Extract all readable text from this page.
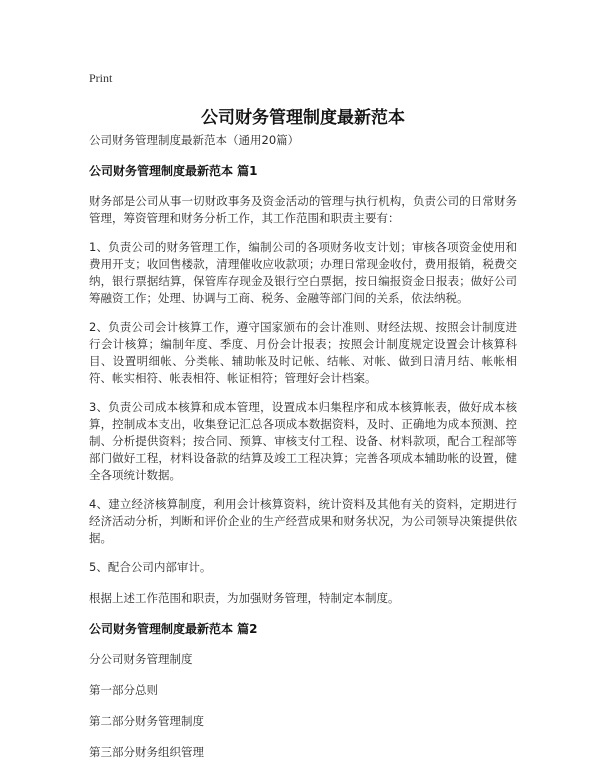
Print
公司财务管理制度最新范本

公司财务管理制度最新范本（通用20篇）

公司财务管理制度最新范本 篇1

财务部是公司从事一切财政事务及资金活动的管理与执行机构，负责公司的日常财务管理，筹资管理和财务分析工作，其工作范围和职责主要有：

1、负责公司的财务管理工作，编制公司的各项财务收支计划；审核各项资金使用和费用开支；收回售楼款，清理催收应收款项；办理日常现金收付，费用报销，税费交纳，银行票据结算，保管库存现金及银行空白票据，按日编报资金日报表；做好公司筹融资工作；处理、协调与工商、税务、金融等部门间的关系，依法纳税。

2、负责公司会计核算工作，遵守国家颁布的会计准则、财经法规、按照会计制度进行会计核算；编制年度、季度、月份会计报表；按照会计制度规定设置会计核算科目、设置明细帐、分类帐、辅助帐及时记帐、结帐、对帐、做到日清月结、帐帐相符、帐实相符、帐表相符、帐证相符；管理好会计档案。

3、负责公司成本核算和成本管理，设置成本归集程序和成本核算帐表，做好成本核算，控制成本支出，收集登记汇总各项成本数据资料，及时、正确地为成本预测、控制、分析提供资料；按合同、预算、审核支付工程、设备、材料款项，配合工程部等部门做好工程，材料设备款的结算及竣工工程决算；完善各项成本辅助帐的设置，健全各项统计数据。

4、建立经济核算制度，利用会计核算资料，统计资料及其他有关的资料，定期进行经济活动分析，判断和评价企业的生产经营成果和财务状况，为公司领导决策提供依据。

5、配合公司内部审计。

根据上述工作范围和职责，为加强财务管理，特制定本制度。

公司财务管理制度最新范本 篇2

分公司财务管理制度

第一部分总则

第二部分财务管理制度

第三部分财务组织管理
